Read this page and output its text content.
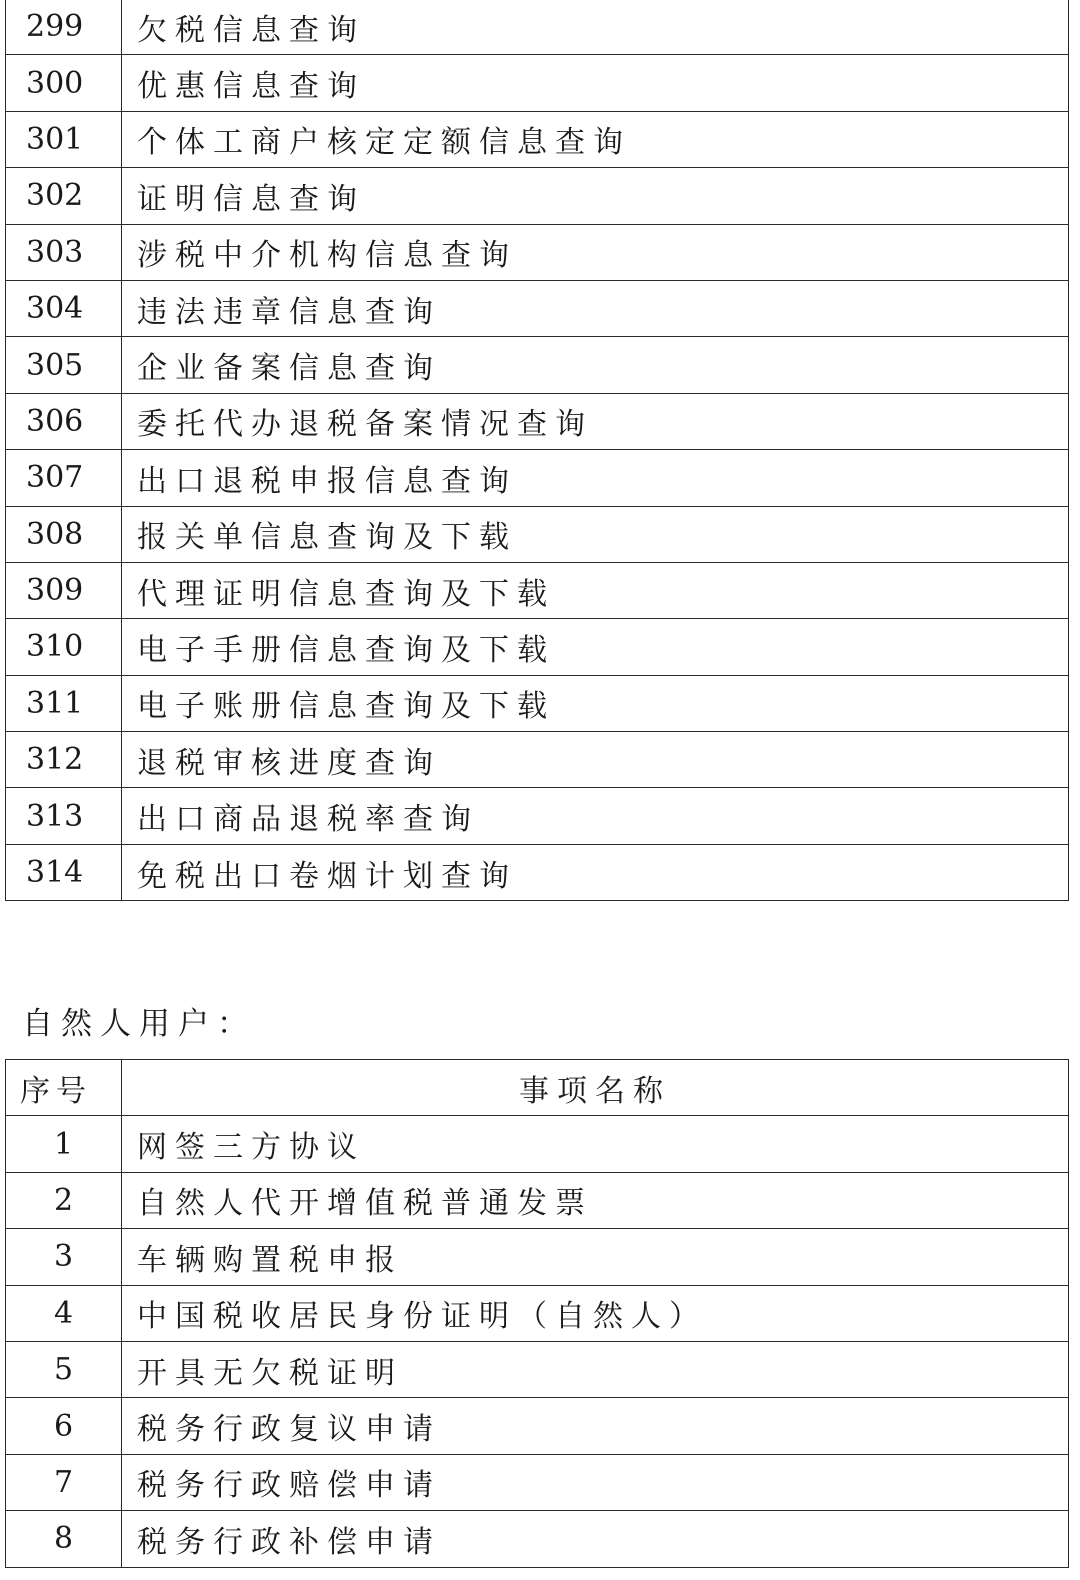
299	欠税信息查询
300	优惠信息查询
301	个体工商户核定定额信息查询
302	证明信息查询
303	涉税中介机构信息查询
304	违法违章信息查询
305	企业备案信息查询
306	委托代办退税备案情况查询
307	出口退税申报信息查询
308	报关单信息查询及下载
309	代理证明信息查询及下载
310	电子手册信息查询及下载
311	电子账册信息查询及下载
312	退税审核进度查询
313	出口商品退税率查询
314	免税出口卷烟计划查询

自然人用户：

序号	事项名称
1	网签三方协议
2	自然人代开增值税普通发票
3	车辆购置税申报
4	中国税收居民身份证明（自然人）
5	开具无欠税证明
6	税务行政复议申请
7	税务行政赔偿申请
8	税务行政补偿申请
